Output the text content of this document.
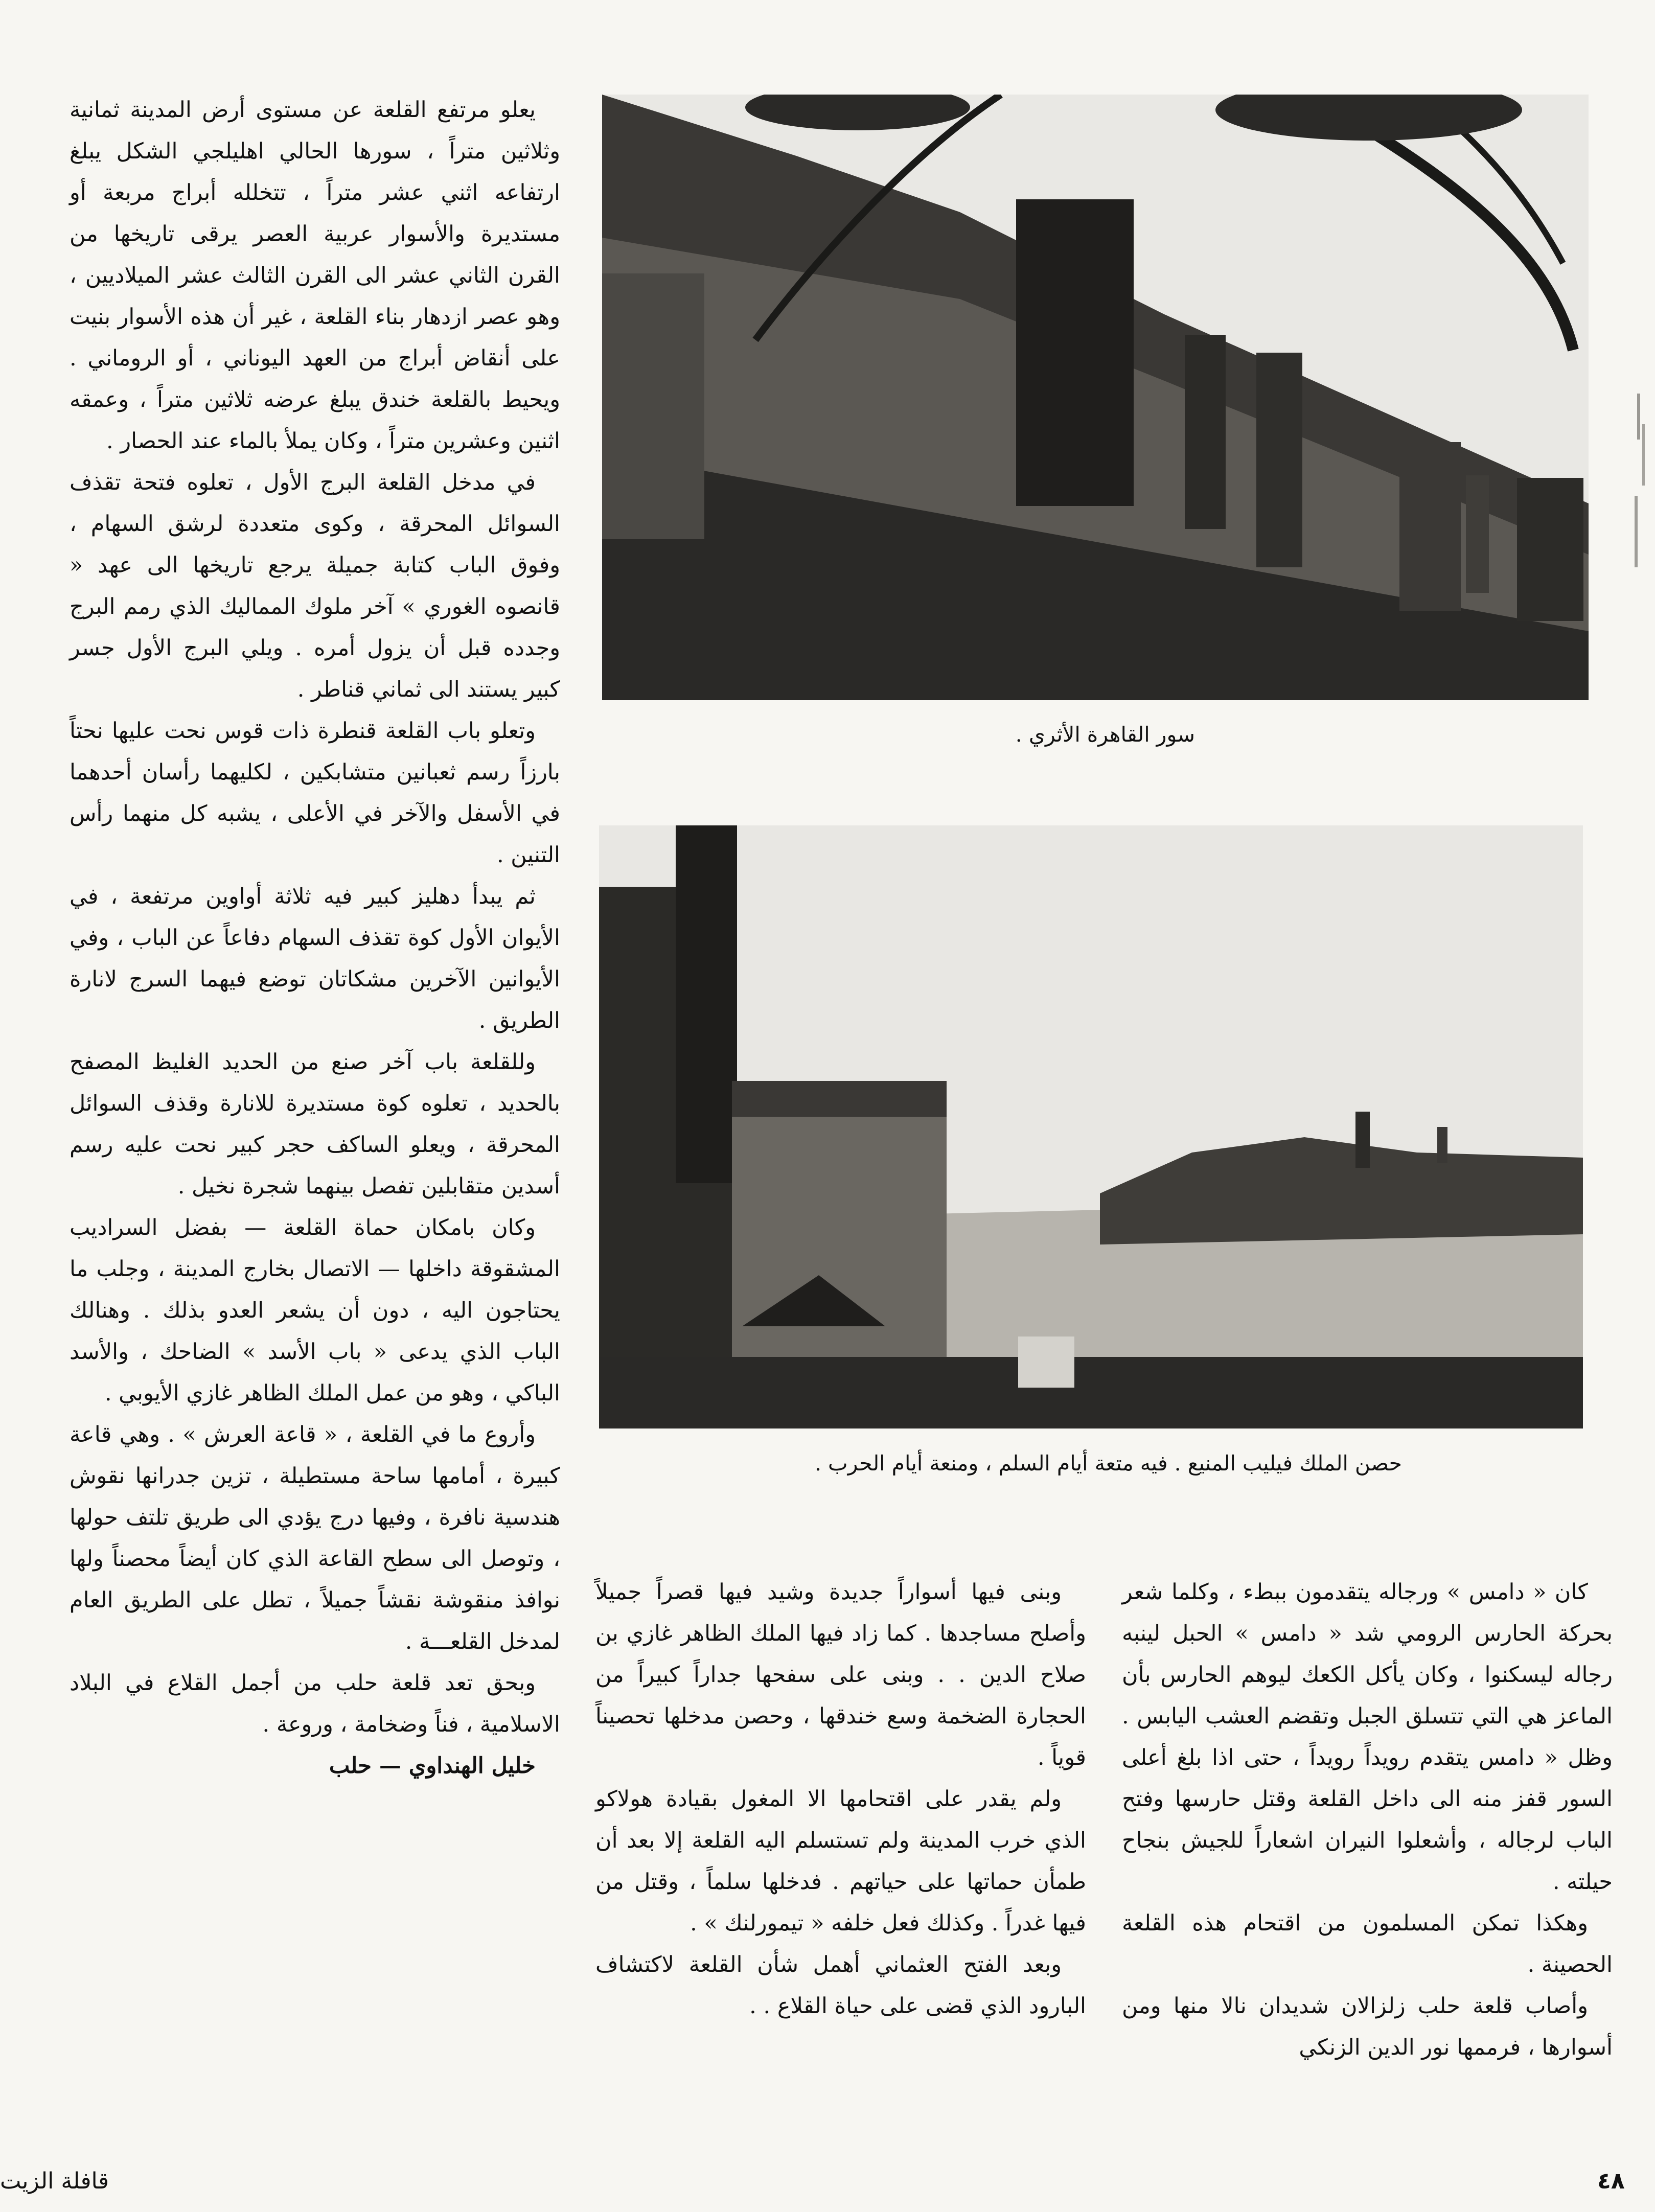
يعلو مرتفع القلعة عن مستوى أرض المدينة ثمانية وثلاثين متراً ، سورها الحالي اهليلجي الشكل يبلغ ارتفاعه اثني عشر متراً ، تتخلله أبراج مربعة أو مستديرة والأسوار عربية العصر يرقى تاريخها من القرن الثاني عشر الى القرن الثالث عشر الميلاديين ، وهو عصر ازدهار بناء القلعة ، غير أن هذه الأسوار بنيت على أنقاض أبراج من العهد اليوناني ، أو الروماني . ويحيط بالقلعة خندق يبلغ عرضه ثلاثين متراً ، وعمقه اثنين وعشرين متراً ، وكان يملأ بالماء عند الحصار .

في مدخل القلعة البرج الأول ، تعلوه فتحة تقذف السوائل المحرقة ، وكوى متعددة لرشق السهام ، وفوق الباب كتابة جميلة يرجع تاريخها الى عهد « قانصوه الغوري » آخر ملوك المماليك الذي رمم البرج وجدده قبل أن يزول أمره . ويلي البرج الأول جسر كبير يستند الى ثماني قناطر .

وتعلو باب القلعة قنطرة ذات قوس نحت عليها نحتاً بارزاً رسم ثعبانين متشابكين ، لكليهما رأسان أحدهما في الأسفل والآخر في الأعلى ، يشبه كل منهما رأس التنين .

ثم يبدأ دهليز كبير فيه ثلاثة أواوين مرتفعة ، في الأيوان الأول كوة تقذف السهام دفاعاً عن الباب ، وفي الأيوانين الآخرين مشكاتان توضع فيهما السرج لانارة الطريق .

وللقلعة باب آخر صنع من الحديد الغليظ المصفح بالحديد ، تعلوه كوة مستديرة للانارة وقذف السوائل المحرقة ، ويعلو الساكف حجر كبير نحت عليه رسم أسدين متقابلين تفصل بينهما شجرة نخيل .

وكان بامكان حماة القلعة — بفضل السراديب المشقوقة داخلها — الاتصال بخارج المدينة ، وجلب ما يحتاجون اليه ، دون أن يشعر العدو بذلك . وهنالك الباب الذي يدعى « باب الأسد » الضاحك ، والأسد الباكي ، وهو من عمل الملك الظاهر غازي الأيوبي .

وأروع ما في القلعة ، « قاعة العرش » . وهي قاعة كبيرة ، أمامها ساحة مستطيلة ، تزين جدرانها نقوش هندسية نافرة ، وفيها درج يؤدي الى طريق تلتف حولها ، وتوصل الى سطح القاعة الذي كان أيضاً محصناً ولها نوافذ منقوشة نقشاً جميلاً ، تطل على الطريق العام لمدخل القلعـــة .

وبحق تعد قلعة حلب من أجمل القلاع في البلاد الاسلامية ، فناً وضخامة ، وروعة .

خليل الهنداوي — حلب

سور القاهرة الأثري .
حصن الملك فيليب المنيع . فيه متعة أيام السلم ، ومنعة أيام الحرب .

كان « دامس » ورجاله يتقدمون ببطء ، وكلما شعر بحركة الحارس الرومي شد « دامس » الحبل لينبه رجاله ليسكنوا ، وكان يأكل الكعك ليوهم الحارس بأن الماعز هي التي تتسلق الجبل وتقضم العشب اليابس . وظل « دامس يتقدم رويداً رويداً ، حتى اذا بلغ أعلى السور قفز منه الى داخل القلعة وقتل حارسها وفتح الباب لرجاله ، وأشعلوا النيران اشعاراً للجيش بنجاح حيلته .

وهكذا تمكن المسلمون من اقتحام هذه القلعة الحصينة .

وأصاب قلعة حلب زلزالان شديدان نالا منها ومن أسوارها ، فرممها نور الدين الزنكي

وبنى فيها أسواراً جديدة وشيد فيها قصراً جميلاً وأصلح مساجدها . كما زاد فيها الملك الظاهر غازي بن صلاح الدين . . وبنى على سفحها جداراً كبيراً من الحجارة الضخمة وسع خندقها ، وحصن مدخلها تحصيناً قوياً .

ولم يقدر على اقتحامها الا المغول بقيادة هولاكو الذي خرب المدينة ولم تستسلم اليه القلعة إلا بعد أن طمأن حماتها على حياتهم . فدخلها سلماً ، وقتل من فيها غدراً . وكذلك فعل خلفه « تيمورلنك » .

وبعد الفتح العثماني أهمل شأن القلعة لاكتشاف البارود الذي قضى على حياة القلاع . .

قافلة الزيت	٤٨
